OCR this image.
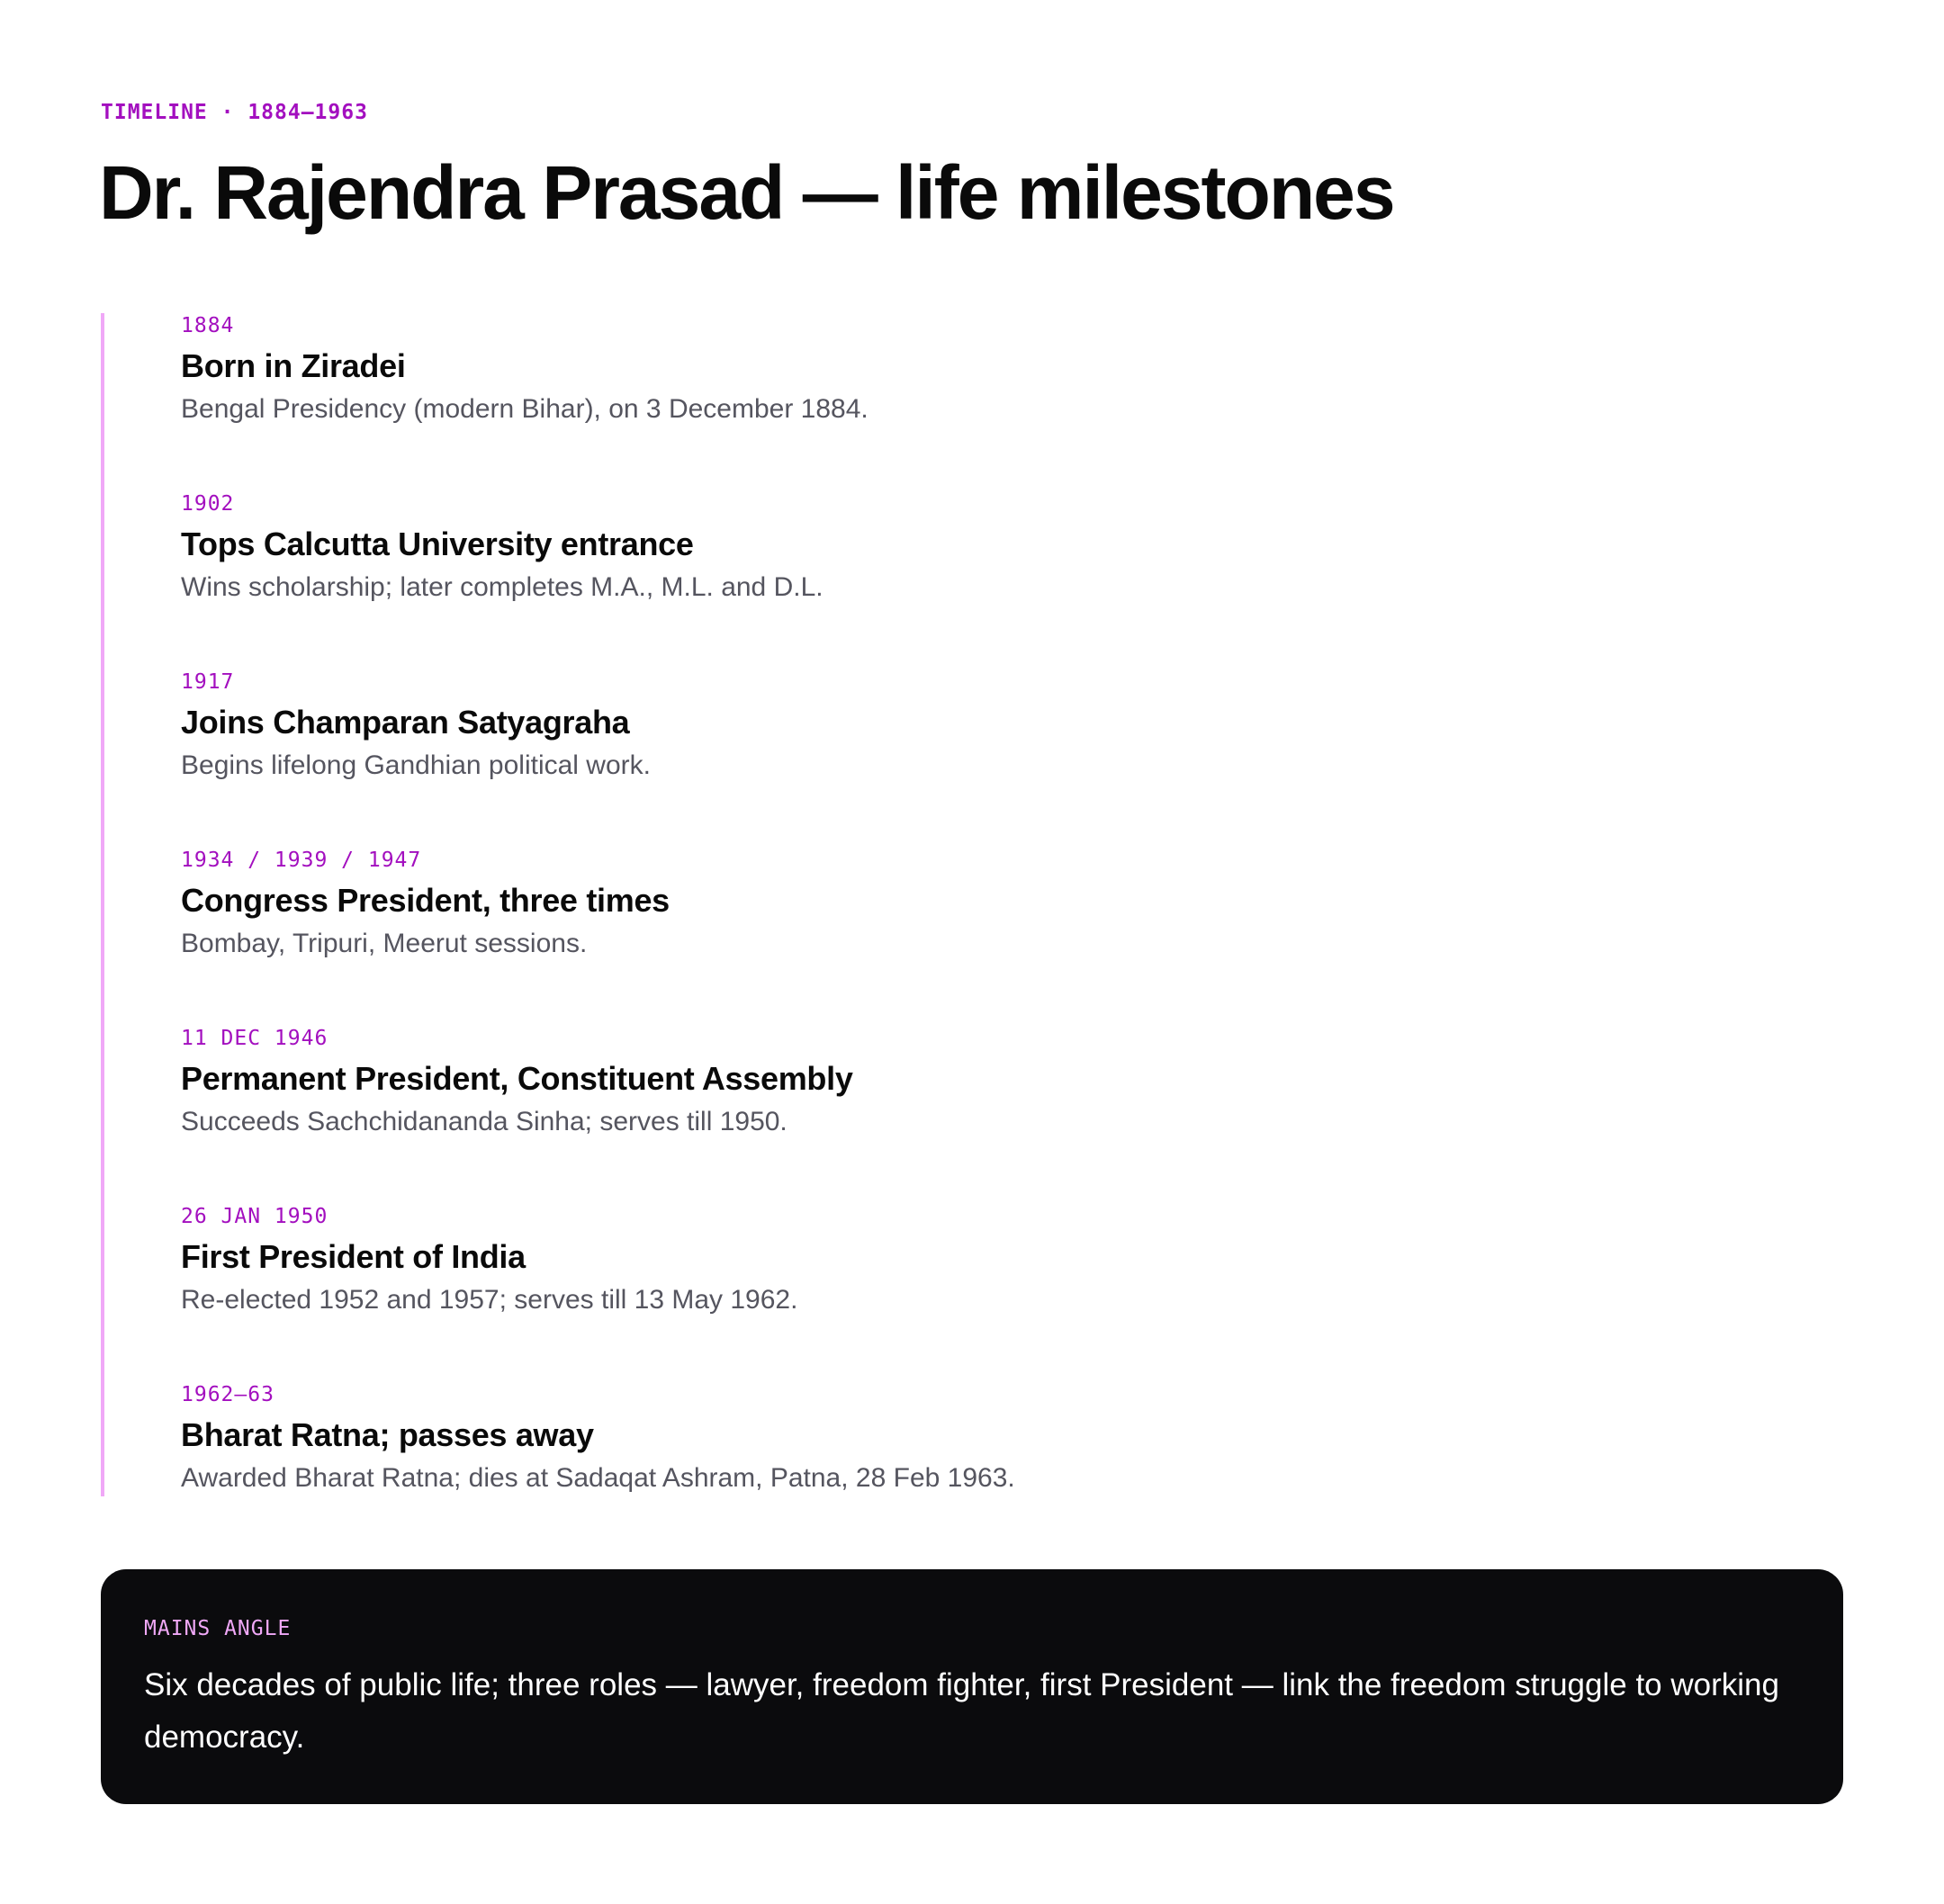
TIMELINE · 1884–1963
Dr. Rajendra Prasad — life milestones
1884
Born in Ziradei
Bengal Presidency (modern Bihar), on 3 December 1884.
1902
Tops Calcutta University entrance
Wins scholarship; later completes M.A., M.L. and D.L.
1917
Joins Champaran Satyagraha
Begins lifelong Gandhian political work.
1934 / 1939 / 1947
Congress President, three times
Bombay, Tripuri, Meerut sessions.
11 DEC 1946
Permanent President, Constituent Assembly
Succeeds Sachchidananda Sinha; serves till 1950.
26 JAN 1950
First President of India
Re-elected 1952 and 1957; serves till 13 May 1962.
1962–63
Bharat Ratna; passes away
Awarded Bharat Ratna; dies at Sadaqat Ashram, Patna, 28 Feb 1963.
MAINS ANGLE
Six decades of public life; three roles — lawyer, freedom fighter, first President — link the freedom struggle to working democracy.
